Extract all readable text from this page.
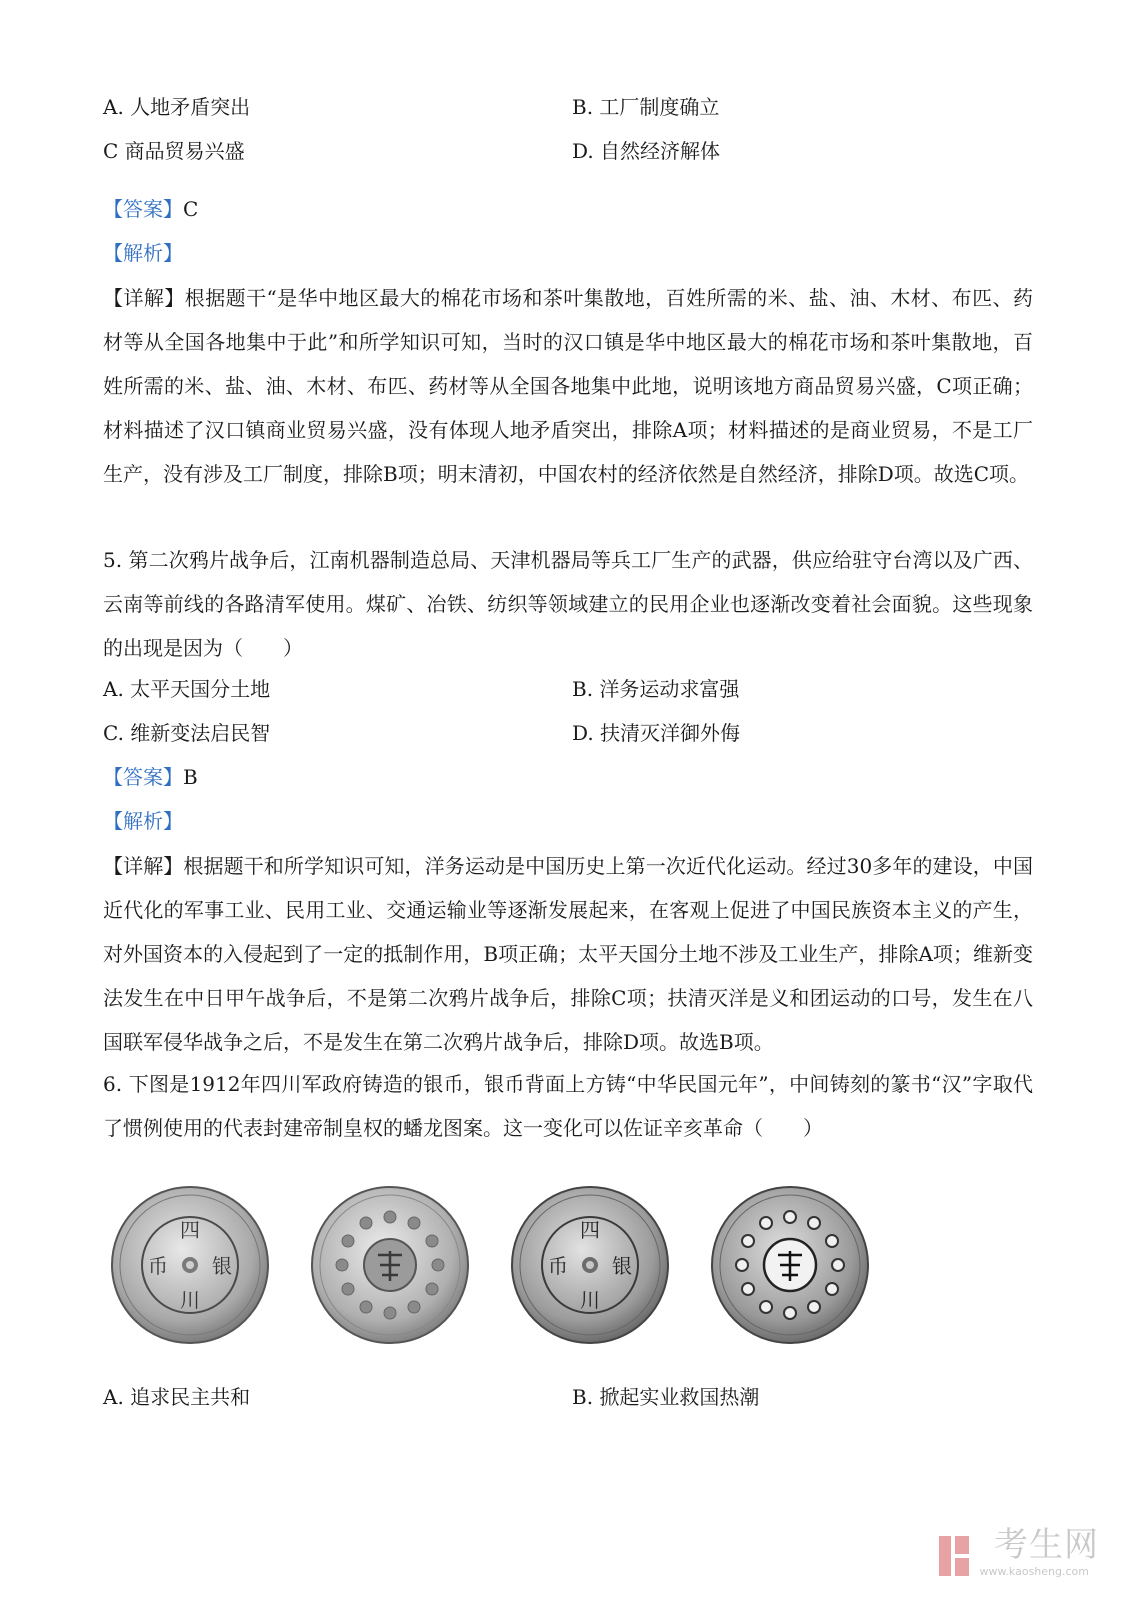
A. 人地矛盾突出	B. 工厂制度确立
C 商品贸易兴盛	D. 自然经济解体
【答案】C
【解析】
【详解】根据题干“是华中地区最大的棉花市场和茶叶集散地，百姓所需的米、盐、油、木材、布匹、药材等从全国各地集中于此”和所学知识可知，当时的汉口镇是华中地区最大的棉花市场和茶叶集散地，百姓所需的米、盐、油、木材、布匹、药材等从全国各地集中此地，说明该地方商品贸易兴盛，C项正确；材料描述了汉口镇商业贸易兴盛，没有体现人地矛盾突出，排除A项；材料描述的是商业贸易，不是工厂生产，没有涉及工厂制度，排除B项；明末清初，中国农村的经济依然是自然经济，排除D项。故选C项。
5. 第二次鸦片战争后，江南机器制造总局、天津机器局等兵工厂生产的武器，供应给驻守台湾以及广西、云南等前线的各路清军使用。煤矿、冶铁、纺织等领域建立的民用企业也逐渐改变着社会面貌。这些现象的出现是因为（　　）
A. 太平天国分土地	B. 洋务运动求富强
C. 维新变法启民智	D. 扶清灭洋御外侮
【答案】B
【解析】
【详解】根据题干和所学知识可知，洋务运动是中国历史上第一次近代化运动。经过30多年的建设，中国近代化的军事工业、民用工业、交通运输业等逐渐发展起来，在客观上促进了中国民族资本主义的产生，对外国资本的入侵起到了一定的抵制作用，B项正确；太平天国分土地不涉及工业生产，排除A项；维新变法发生在中日甲午战争后，不是第二次鸦片战争后，排除C项；扶清灭洋是义和团运动的口号，发生在八国联军侵华战争之后，不是发生在第二次鸦片战争后，排除D项。故选B项。
6. 下图是1912年四川军政府铸造的银币，银币背面上方铸“中华民国元年”，中间铸刻的篆书“汉”字取代了惯例使用的代表封建帝制皇权的蟠龙图案。这一变化可以佐证辛亥革命（　　）
四
银
川
币
四
银
川
币
A. 追求民主共和	B. 掀起实业救国热潮
考生网
www.kaosheng.com
